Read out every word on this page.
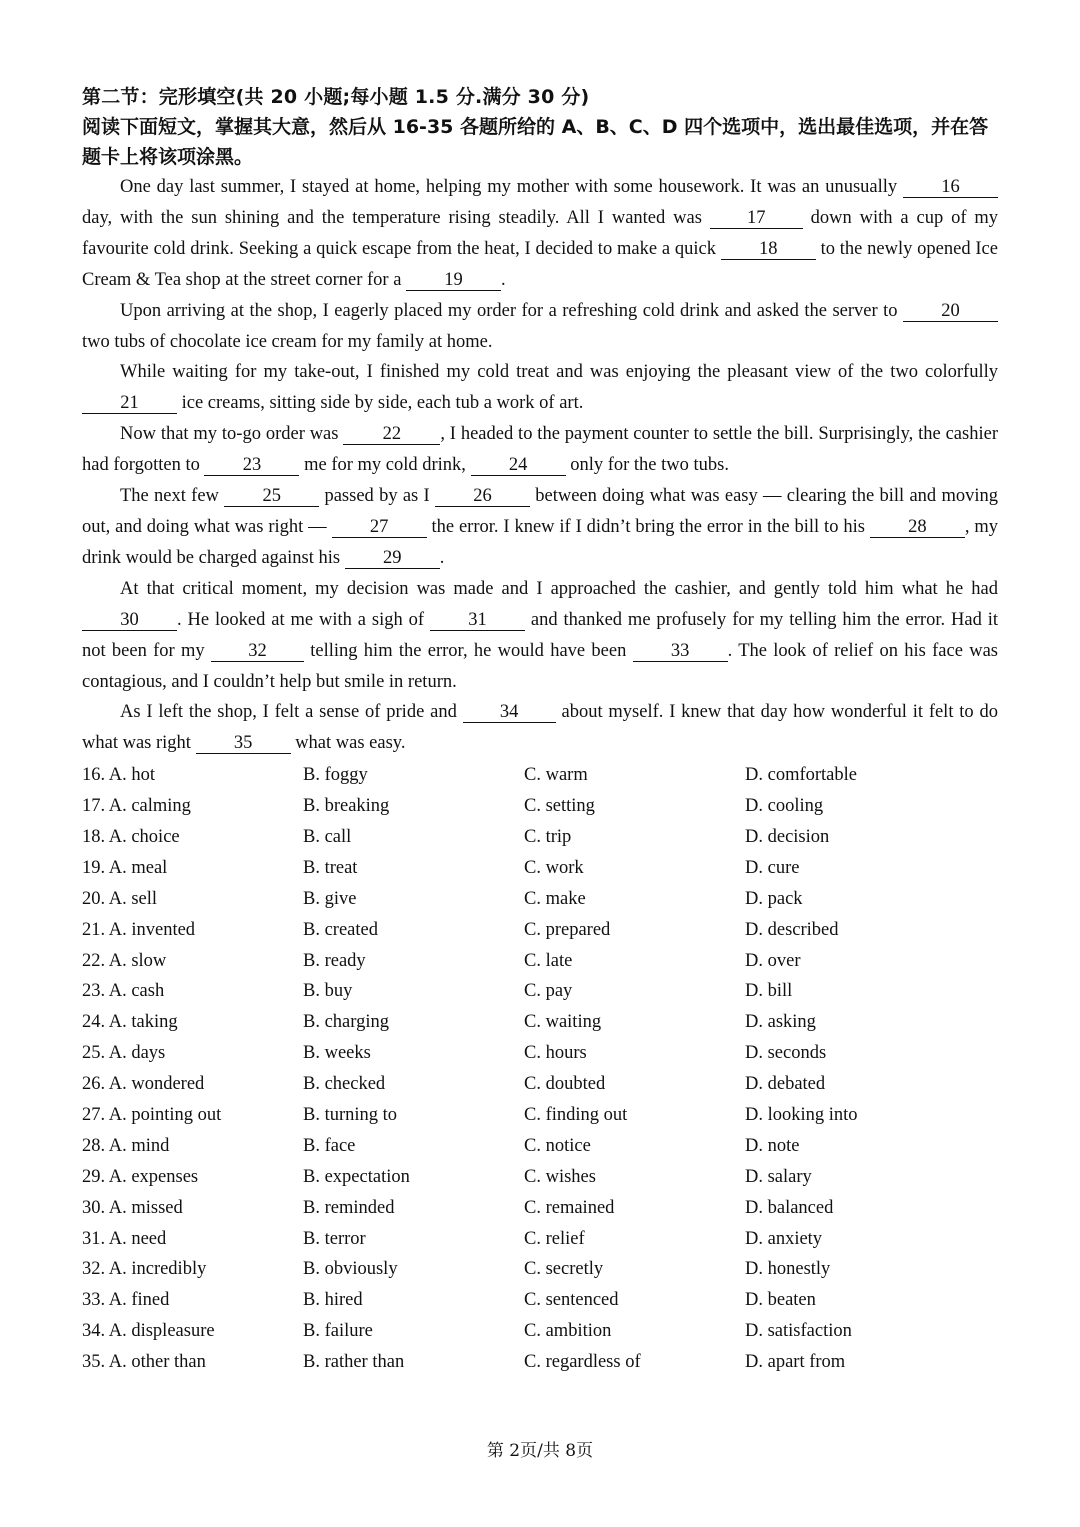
第二节：完形填空(共 20 小题;每小题 1.5 分.满分 30 分)

阅读下面短文，掌握其大意，然后从 16-35 各题所给的 A、B、C、D 四个选项中，选出最佳选项，并在答题卡上将该项涂黑。

One day last summer, I stayed at home, helping my mother with some housework. It was an unusually 16 day, with the sun shining and the temperature rising steadily. All I wanted was 17 down with a cup of my favourite cold drink. Seeking a quick escape from the heat, I decided to make a quick 18 to the newly opened Ice Cream & Tea shop at the street corner for a 19 .

Upon arriving at the shop, I eagerly placed my order for a refreshing cold drink and asked the server to 20 two tubs of chocolate ice cream for my family at home.

While waiting for my take-out, I finished my cold treat and was enjoying the pleasant view of the two colorfully 21 ice creams, sitting side by side, each tub a work of art.

Now that my to-go order was 22 , I headed to the payment counter to settle the bill. Surprisingly, the cashier had forgotten to 23 me for my cold drink, 24 only for the two tubs.

The next few 25 passed by as I 26 between doing what was easy — clearing the bill and moving out, and doing what was right — 27 the error. I knew if I didn’t bring the error in the bill to his 28 , my drink would be charged against his 29 .

At that critical moment, my decision was made and I approached the cashier, and gently told him what he had 30 . He looked at me with a sigh of 31 and thanked me profusely for my telling him the error. Had it not been for my 32 telling him the error, he would have been 33 . The look of relief on his face was contagious, and I couldn’t help but smile in return.

As I left the shop, I felt a sense of pride and 34 about myself. I knew that day how wonderful it felt to do what was right 35 what was easy.

16. A. hot	B. foggy	C. warm	D. comfortable
17. A. calming	B. breaking	C. setting	D. cooling
18. A. choice	B. call	C. trip	D. decision
19. A. meal	B. treat	C. work	D. cure
20. A. sell	B. give	C. make	D. pack
21. A. invented	B. created	C. prepared	D. described
22. A. slow	B. ready	C. late	D. over
23. A. cash	B. buy	C. pay	D. bill
24. A. taking	B. charging	C. waiting	D. asking
25. A. days	B. weeks	C. hours	D. seconds
26. A. wondered	B. checked	C. doubted	D. debated
27. A. pointing out	B. turning to	C. finding out	D. looking into
28. A. mind	B. face	C. notice	D. note
29. A. expenses	B. expectation	C. wishes	D. salary
30. A. missed	B. reminded	C. remained	D. balanced
31. A. need	B. terror	C. relief	D. anxiety
32. A. incredibly	B. obviously	C. secretly	D. honestly
33. A. fined	B. hired	C. sentenced	D. beaten
34. A. displeasure	B. failure	C. ambition	D. satisfaction
35. A. other than	B. rather than	C. regardless of	D. apart from
第 2页/共 8页
